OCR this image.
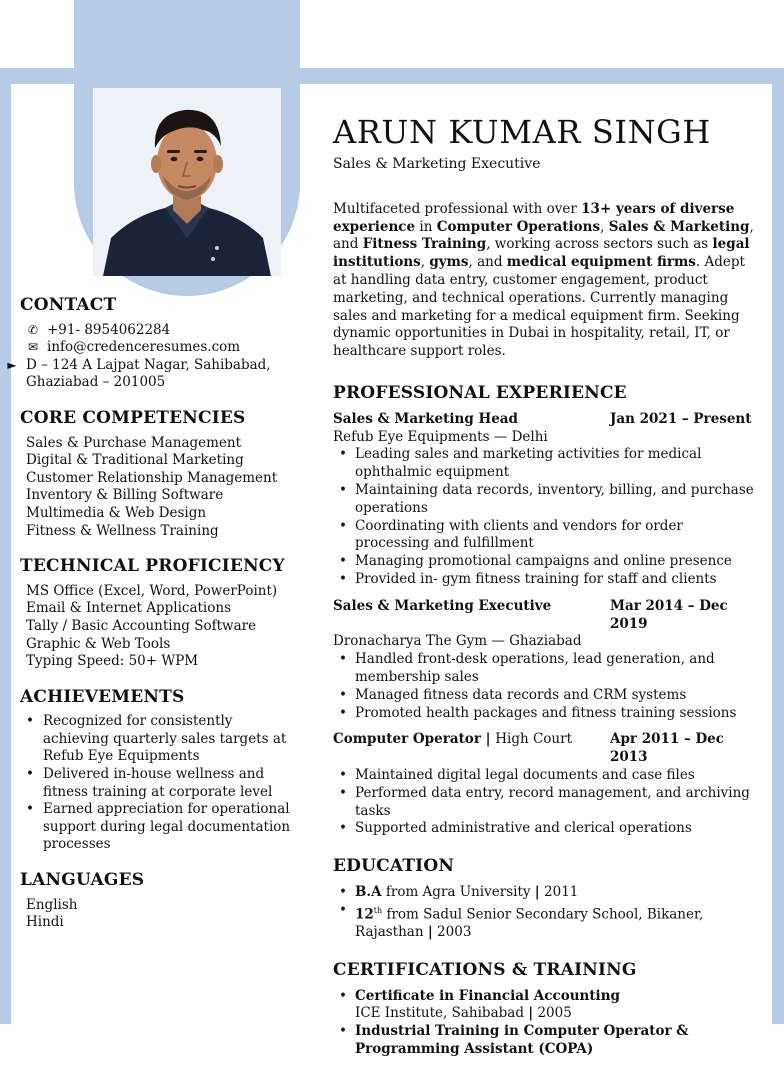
CONTACT
✆ +91- 8954062284
✉ info@credenceresumes.com
► D – 124 A Lajpat Nagar, Sahibabad, Ghaziabad – 201005
CORE COMPETENCIES
Sales & Purchase Management
Digital & Traditional Marketing
Customer Relationship Management
Inventory & Billing Software
Multimedia & Web Design
Fitness & Wellness Training
TECHNICAL PROFICIENCY
MS Office (Excel, Word, PowerPoint)
Email & Internet Applications
Tally / Basic Accounting Software
Graphic & Web Tools
Typing Speed: 50+ WPM
ACHIEVEMENTS
• Recognized for consistently achieving quarterly sales targets at Refub Eye Equipments
• Delivered in-house wellness and fitness training at corporate level
• Earned appreciation for operational support during legal documentation processes
LANGUAGES
English
Hindi
ARUN KUMAR SINGH
Sales & Marketing Executive

Multifaceted professional with over 13+ years of diverse experience in Computer Operations, Sales & Marketing, and Fitness Training, working across sectors such as legal institutions, gyms, and medical equipment firms. Adept at handling data entry, customer engagement, product marketing, and technical operations. Currently managing sales and marketing for a medical equipment firm. Seeking dynamic opportunities in Dubai in hospitality, retail, IT, or healthcare support roles.

PROFESSIONAL EXPERIENCE
Sales & Marketing Head	Jan 2021 – Present
Refub Eye Equipments — Delhi
• Leading sales and marketing activities for medical ophthalmic equipment
• Maintaining data records, inventory, billing, and purchase operations
• Coordinating with clients and vendors for order processing and fulfillment
• Managing promotional campaigns and online presence
• Provided in- gym fitness training for staff and clients
Sales & Marketing Executive	Mar 2014 – Dec 2019
Dronacharya The Gym — Ghaziabad
• Handled front-desk operations, lead generation, and membership sales
• Managed fitness data records and CRM systems
• Promoted health packages and fitness training sessions
Computer Operator | High Court	Apr 2011 – Dec 2013
• Maintained digital legal documents and case files
• Performed data entry, record management, and archiving tasks
• Supported administrative and clerical operations
EDUCATION
• B.A from Agra University | 2011
• 12th from Sadul Senior Secondary School, Bikaner, Rajasthan | 2003
CERTIFICATIONS & TRAINING
• Certificate in Financial Accounting
ICE Institute, Sahibabad | 2005
• Industrial Training in Computer Operator & Programming Assistant (COPA)
